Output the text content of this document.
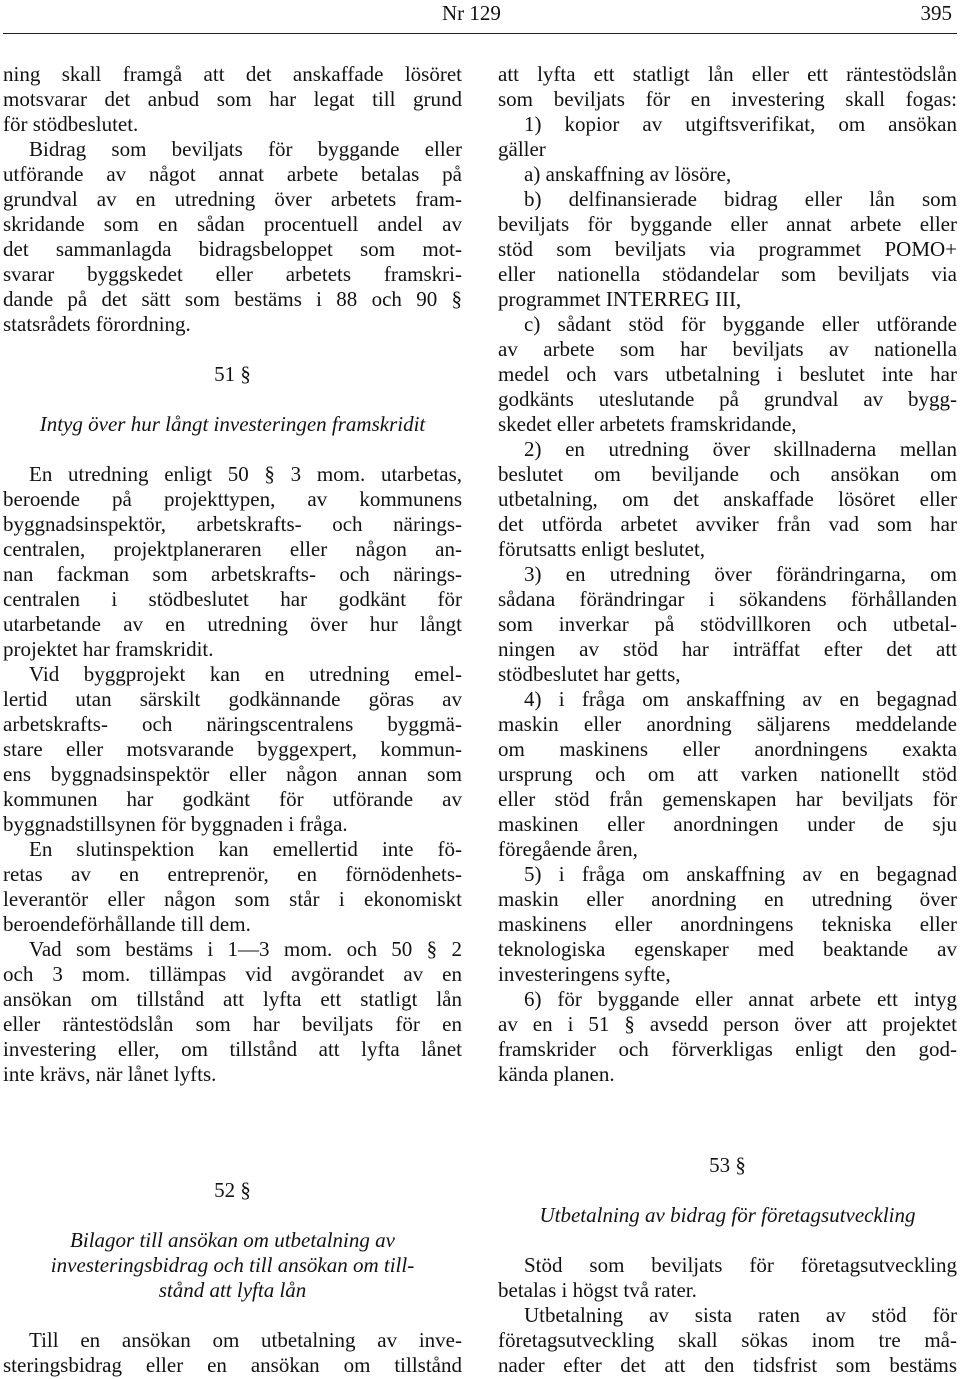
Nr 129	395
ning skall framgå att det anskaffade lösöret
motsvarar det anbud som har legat till grund
för stödbeslutet.
Bidrag som beviljats för byggande eller
utförande av något annat arbete betalas på
grundval av en utredning över arbetets fram-
skridande som en sådan procentuell andel av
det sammanlagda bidragsbeloppet som mot-
svarar byggskedet eller arbetets framskri-
dande på det sätt som bestäms i 88 och 90 §
statsrådets förordning.
51 §
Intyg över hur långt investeringen framskridit
En utredning enligt 50 § 3 mom. utarbetas,
beroende på projekttypen, av kommunens
byggnadsinspektör, arbetskrafts- och närings-
centralen, projektplaneraren eller någon an-
nan fackman som arbetskrafts- och närings-
centralen i stödbeslutet har godkänt för
utarbetande av en utredning över hur långt
projektet har framskridit.
Vid byggprojekt kan en utredning emel-
lertid utan särskilt godkännande göras av
arbetskrafts- och näringscentralens byggmä-
stare eller motsvarande byggexpert, kommun-
ens byggnadsinspektör eller någon annan som
kommunen har godkänt för utförande av
byggnadstillsynen för byggnaden i fråga.
En slutinspektion kan emellertid inte fö-
retas av en entreprenör, en förnödenhets-
leverantör eller någon som står i ekonomiskt
beroendeförhållande till dem.
Vad som bestäms i 1—3 mom. och 50 § 2
och 3 mom. tillämpas vid avgörandet av en
ansökan om tillstånd att lyfta ett statligt lån
eller räntestödslån som har beviljats för en
investering eller, om tillstånd att lyfta lånet
inte krävs, när lånet lyfts.
att lyfta ett statligt lån eller ett räntestödslån
som beviljats för en investering skall fogas:
1) kopior av utgiftsverifikat, om ansökan
gäller
a) anskaffning av lösöre,
b) delfinansierade bidrag eller lån som
beviljats för byggande eller annat arbete eller
stöd som beviljats via programmet POMO+
eller nationella stödandelar som beviljats via
programmet INTERREG III,
c) sådant stöd för byggande eller utförande
av arbete som har beviljats av nationella
medel och vars utbetalning i beslutet inte har
godkänts uteslutande på grundval av bygg-
skedet eller arbetets framskridande,
2) en utredning över skillnaderna mellan
beslutet om beviljande och ansökan om
utbetalning, om det anskaffade lösöret eller
det utförda arbetet avviker från vad som har
förutsatts enligt beslutet,
3) en utredning över förändringarna, om
sådana förändringar i sökandens förhållanden
som inverkar på stödvillkoren och utbetal-
ningen av stöd har inträffat efter det att
stödbeslutet har getts,
4) i fråga om anskaffning av en begagnad
maskin eller anordning säljarens meddelande
om maskinens eller anordningens exakta
ursprung och om att varken nationellt stöd
eller stöd från gemenskapen har beviljats för
maskinen eller anordningen under de sju
föregående åren,
5) i fråga om anskaffning av en begagnad
maskin eller anordning en utredning över
maskinens eller anordningens tekniska eller
teknologiska egenskaper med beaktande av
investeringens syfte,
6) för byggande eller annat arbete ett intyg
av en i 51 § avsedd person över att projektet
framskrider och förverkligas enligt den god-
kända planen.
52 §
Bilagor till ansökan om utbetalning av
investeringsbidrag och till ansökan om till-
stånd att lyfta lån
Till en ansökan om utbetalning av inve-
steringsbidrag eller en ansökan om tillstånd
53 §
Utbetalning av bidrag för företagsutveckling
Stöd som beviljats för företagsutveckling
betalas i högst två rater.
Utbetalning av sista raten av stöd för
företagsutveckling skall sökas inom tre må-
nader efter det att den tidsfrist som bestäms
